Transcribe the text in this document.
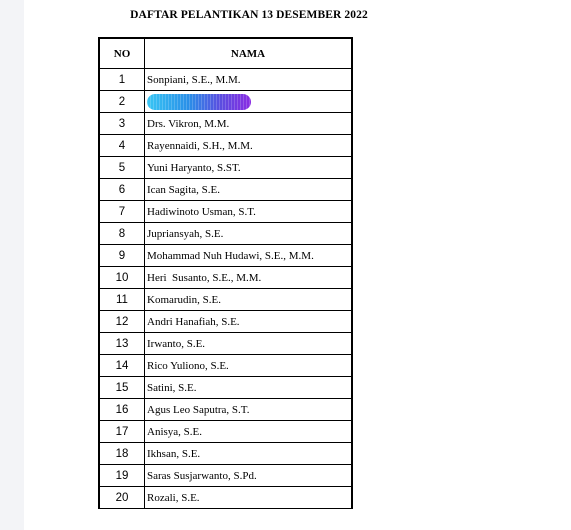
DAFTAR PELANTIKAN 13 DESEMBER 2022
NO	NAMA
1	Sonpiani, S.E., M.M.
2	
3	Drs. Vikron, M.M.
4	Rayennaidi, S.H., M.M.
5	Yuni Haryanto, S.ST.
6	Ican Sagita, S.E.
7	Hadiwinoto Usman, S.T.
8	Jupriansyah, S.E.
9	Mohammad Nuh Hudawi, S.E., M.M.
10	Heri  Susanto, S.E., M.M.
11	Komarudin, S.E.
12	Andri Hanafiah, S.E.
13	Irwanto, S.E.
14	Rico Yuliono, S.E.
15	Satini, S.E.
16	Agus Leo Saputra, S.T.
17	Anisya, S.E.
18	Ikhsan, S.E.
19	Saras Susjarwanto, S.Pd.
20	Rozali, S.E.
